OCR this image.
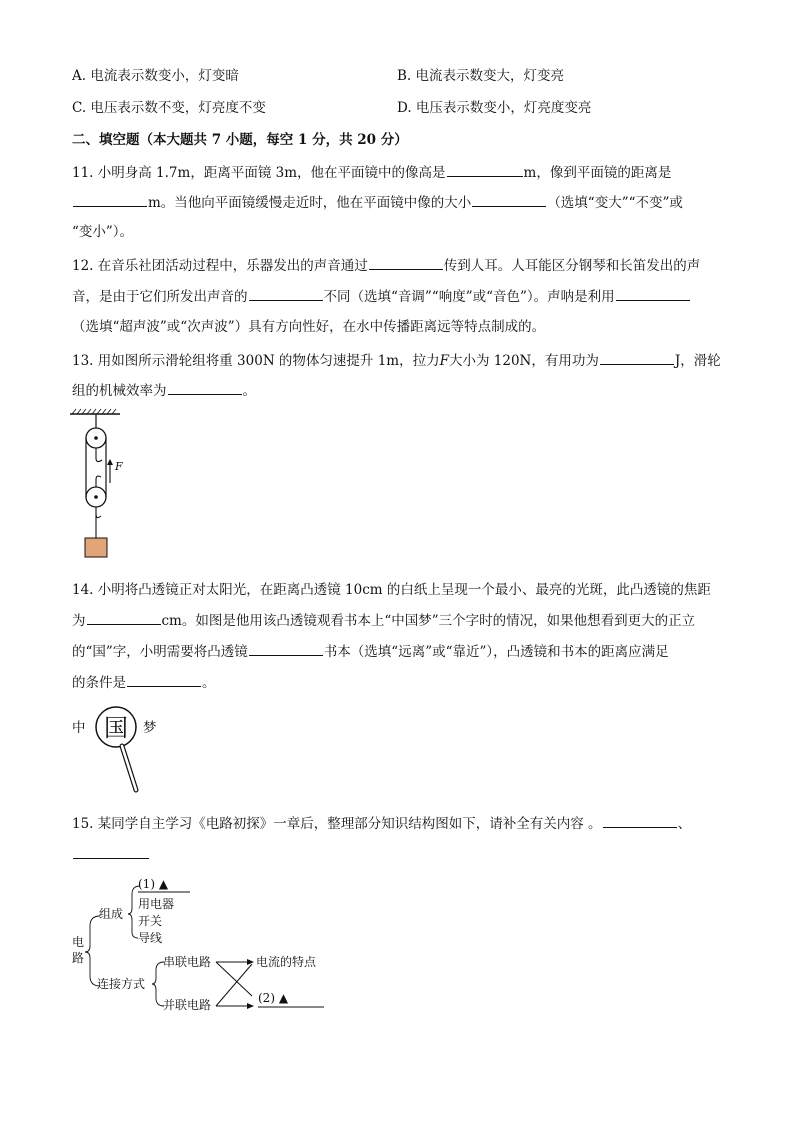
A. 电流表示数变小，灯变暗	B. 电流表示数变大，灯变亮
C. 电压表示数不变，灯亮度不变	D. 电压表示数变小，灯亮度变亮
二、填空题（本大题共 7 小题，每空 1 分，共 20 分）
11. 小明身高 1.7m，距离平面镜 3m，他在平面镜中的像高是	m，像到平面镜的距离是
m。当他向平面镜缓慢走近时，他在平面镜中像的大小	（选填“变大”“不变”或
“变小”）。
12. 在音乐社团活动过程中，乐器发出的声音通过	传到人耳。人耳能区分钢琴和长笛发出的声
音，是由于它们所发出声音的	不同（选填“音调”“响度”或“音色”）。声呐是利用
（选填“超声波”或“次声波”）具有方向性好，在水中传播距离远等特点制成的。
13. 用如图所示滑轮组将重 300N 的物体匀速提升 1m，拉力F大小为 120N，有用功为	J，滑轮
组的机械效率为	。
F
14. 小明将凸透镜正对太阳光，在距离凸透镜 10cm 的白纸上呈现一个最小、最亮的光斑，此凸透镜的焦距
为	cm。如图是他用该凸透镜观看书本上“中国梦”三个字时的情况，如果他想看到更大的正立
的“国”字，小明需要将凸透镜	书本（选填“远离”或“靠近”），凸透镜和书本的距离应满足
的条件是	。
中 国 梦
15. 某同学自主学习《电路初探》一章后，整理部分知识结构图如下，请补全有关内容 。	、
电
路
组成
(1) ▲
用电器
开关
导线
连接方式
串联电路
并联电路
电流的特点
(2) ▲
